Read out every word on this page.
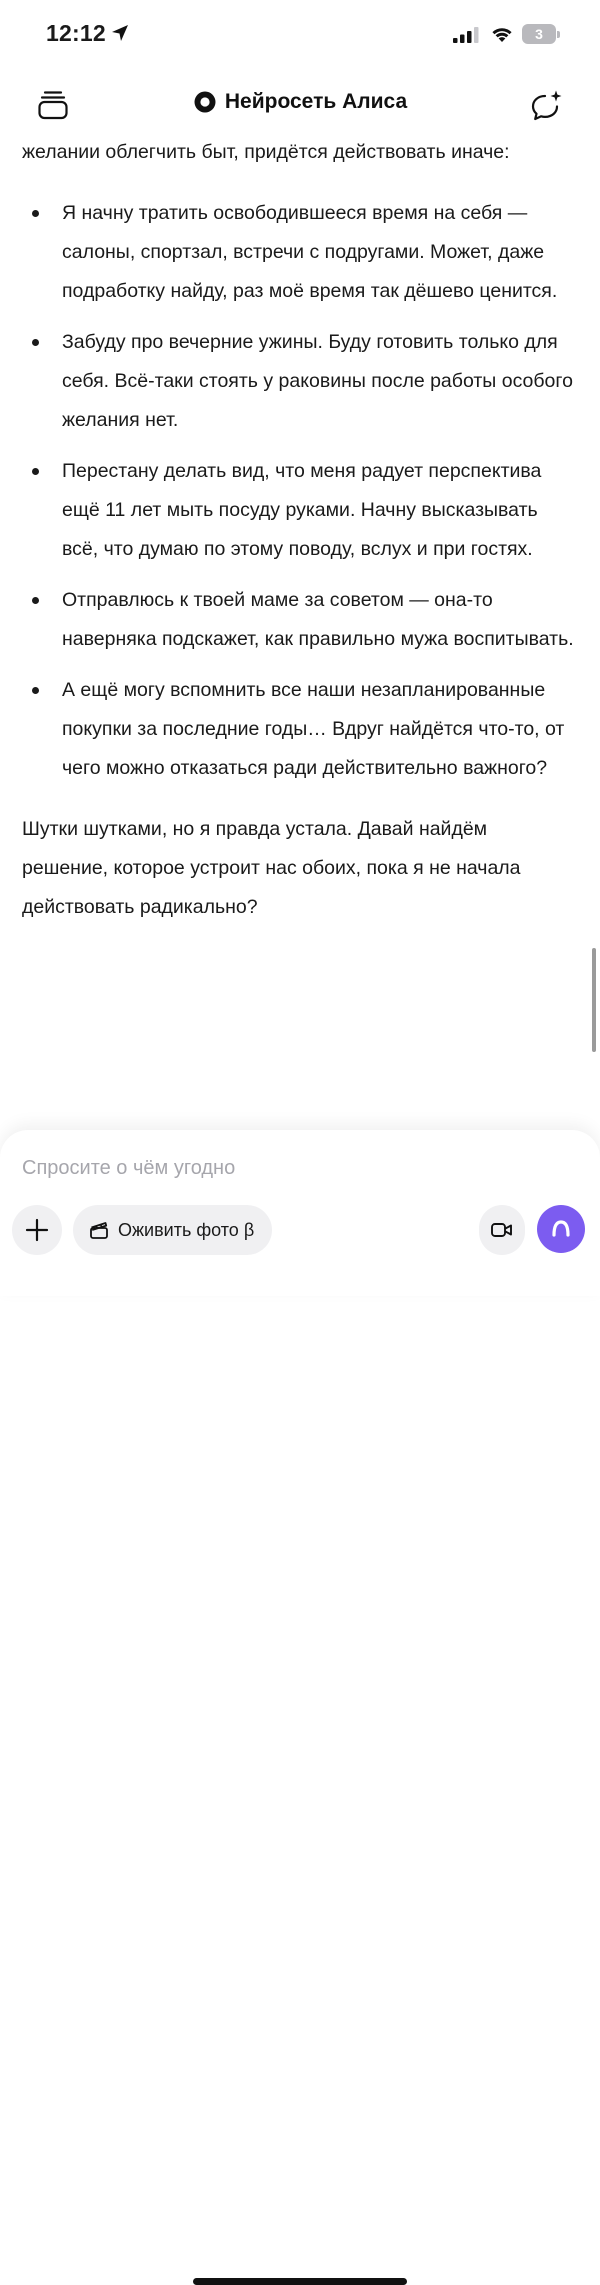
12:12	3
Нейросеть Алиса

желании облегчить быт, придётся действовать иначе:

Я начну тратить освободившееся время на себя — салоны, спортзал, встречи с подругами. Может, даже подработку найду, раз моё время так дёшево ценится.
Забуду про вечерние ужины. Буду готовить только для себя. Всё-таки стоять у раковины после работы особого желания нет.
Перестану делать вид, что меня радует перспектива ещё 11 лет мыть посуду руками. Начну высказывать всё, что думаю по этому поводу, вслух и при гостях.
Отправлюсь к твоей маме за советом — она-то наверняка подскажет, как правильно мужа воспитывать.
А ещё могу вспомнить все наши незапланированные покупки за последние годы… Вдруг найдётся что-то, от чего можно отказаться ради действительно важного?

Шутки шутками, но я правда устала. Давай найдём решение, которое устроит нас обоих, пока я не начала действовать радикально?

Спросите о чём угодно
Оживить фото β
